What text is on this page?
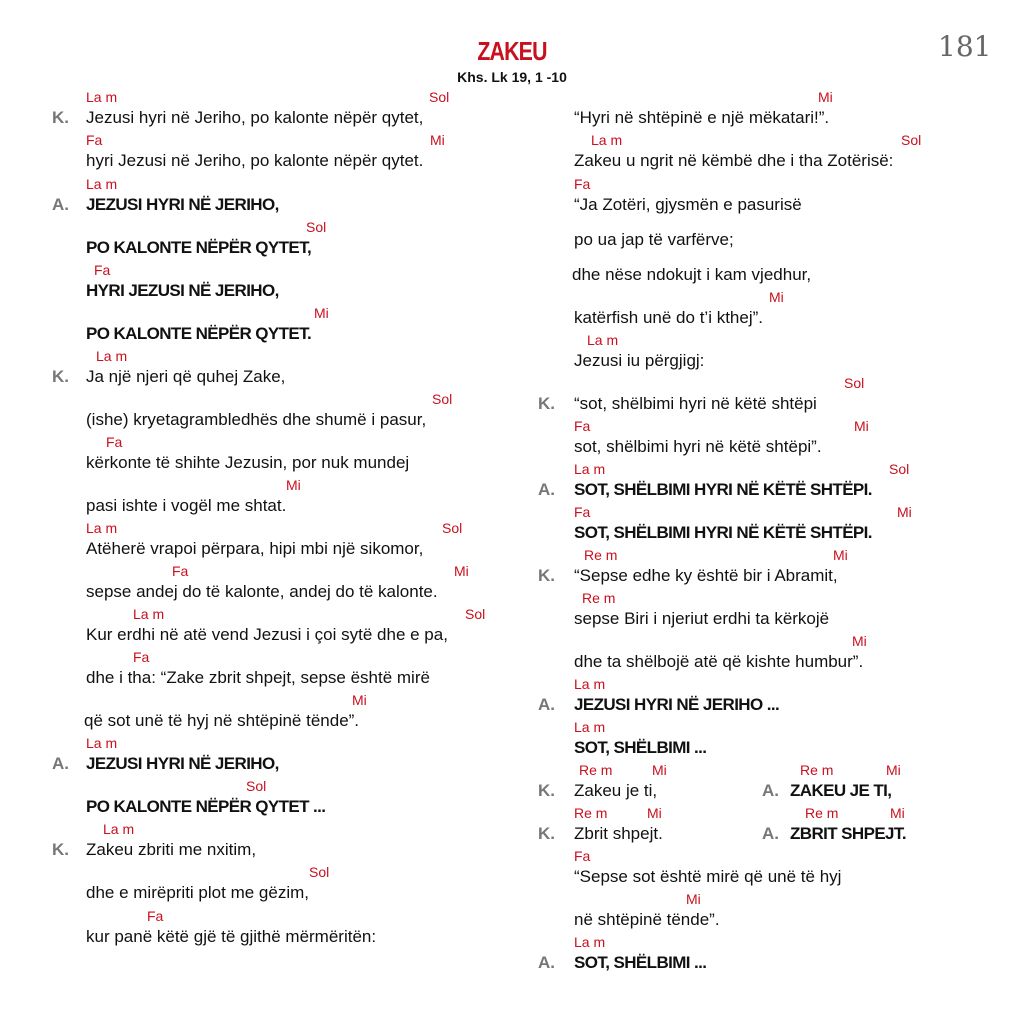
ZAKEU
Khs. Lk 19, 1 -10
181
La m	Sol
K. Jezusi hyri në Jeriho, po kalonte nëpër qytet,
Fa	Mi
hyri Jezusi në Jeriho, po kalonte nëpër qytet.
La m
A. JEZUSI HYRI NË JERIHO,
Sol
PO KALONTE NËPËR QYTET,
Fa
HYRI JEZUSI NË JERIHO,
Mi
PO KALONTE NËPËR QYTET.
La m
K. Ja një njeri që quhej Zake,
Sol
(ishe) kryetagrambledhës dhe shumë i pasur,
Fa
kërkonte të shihte Jezusin, por nuk mundej
Mi
pasi ishte i vogël me shtat.
La m	Sol
Atëherë vrapoi përpara, hipi mbi një sikomor,
Fa	Mi
sepse andej do të kalonte, andej do të kalonte.
La m	Sol
Kur erdhi në atë vend Jezusi i çoi sytë dhe e pa,
Fa
dhe i tha: “Zake zbrit shpejt, sepse është mirë
Mi
që sot unë të hyj në shtëpinë tënde”.
La m
A. JEZUSI HYRI NË JERIHO,
Sol
PO KALONTE NËPËR QYTET ...
La m
K. Zakeu zbriti me nxitim,
Sol
dhe e mirëpriti plot me gëzim,
Fa
kur panë këtë gjë të gjithë mërmëritën:
Mi
“Hyri në shtëpinë e një mëkatari!”.
La m	Sol
Zakeu u ngrit në këmbë dhe i tha Zotërisë:
Fa
“Ja Zotëri, gjysmën e pasurisë
po ua jap të varfërve;
dhe nëse ndokujt i kam vjedhur,
Mi
katërfish unë do t’i kthej”.
La m
Jezusi iu përgjigj:
Sol
K. “sot, shëlbimi hyri në këtë shtëpi
Fa	Mi
sot, shëlbimi hyri në këtë shtëpi”.
La m	Sol
A. SOT, SHËLBIMI HYRI NË KËTË SHTËPI.
Fa	Mi
SOT, SHËLBIMI HYRI NË KËTË SHTËPI.
Re m	Mi
K. “Sepse edhe ky është bir i Abramit,
Re m
sepse Biri i njeriut erdhi ta kërkojë
Mi
dhe ta shëlbojë atë që kishte humbur”.
La m
A. JEZUSI HYRI NË JERIHO ...
La m
SOT, SHËLBIMI ...
Re m	Mi	Re m	Mi
K. Zakeu je ti,	A. ZAKEU JE TI,
Re m	Mi	Re m	Mi
K. Zbrit shpejt.	A. ZBRIT SHPEJT.
Fa
“Sepse sot është mirë që unë të hyj
Mi
në shtëpinë tënde”.
La m
A. SOT, SHËLBIMI ...
